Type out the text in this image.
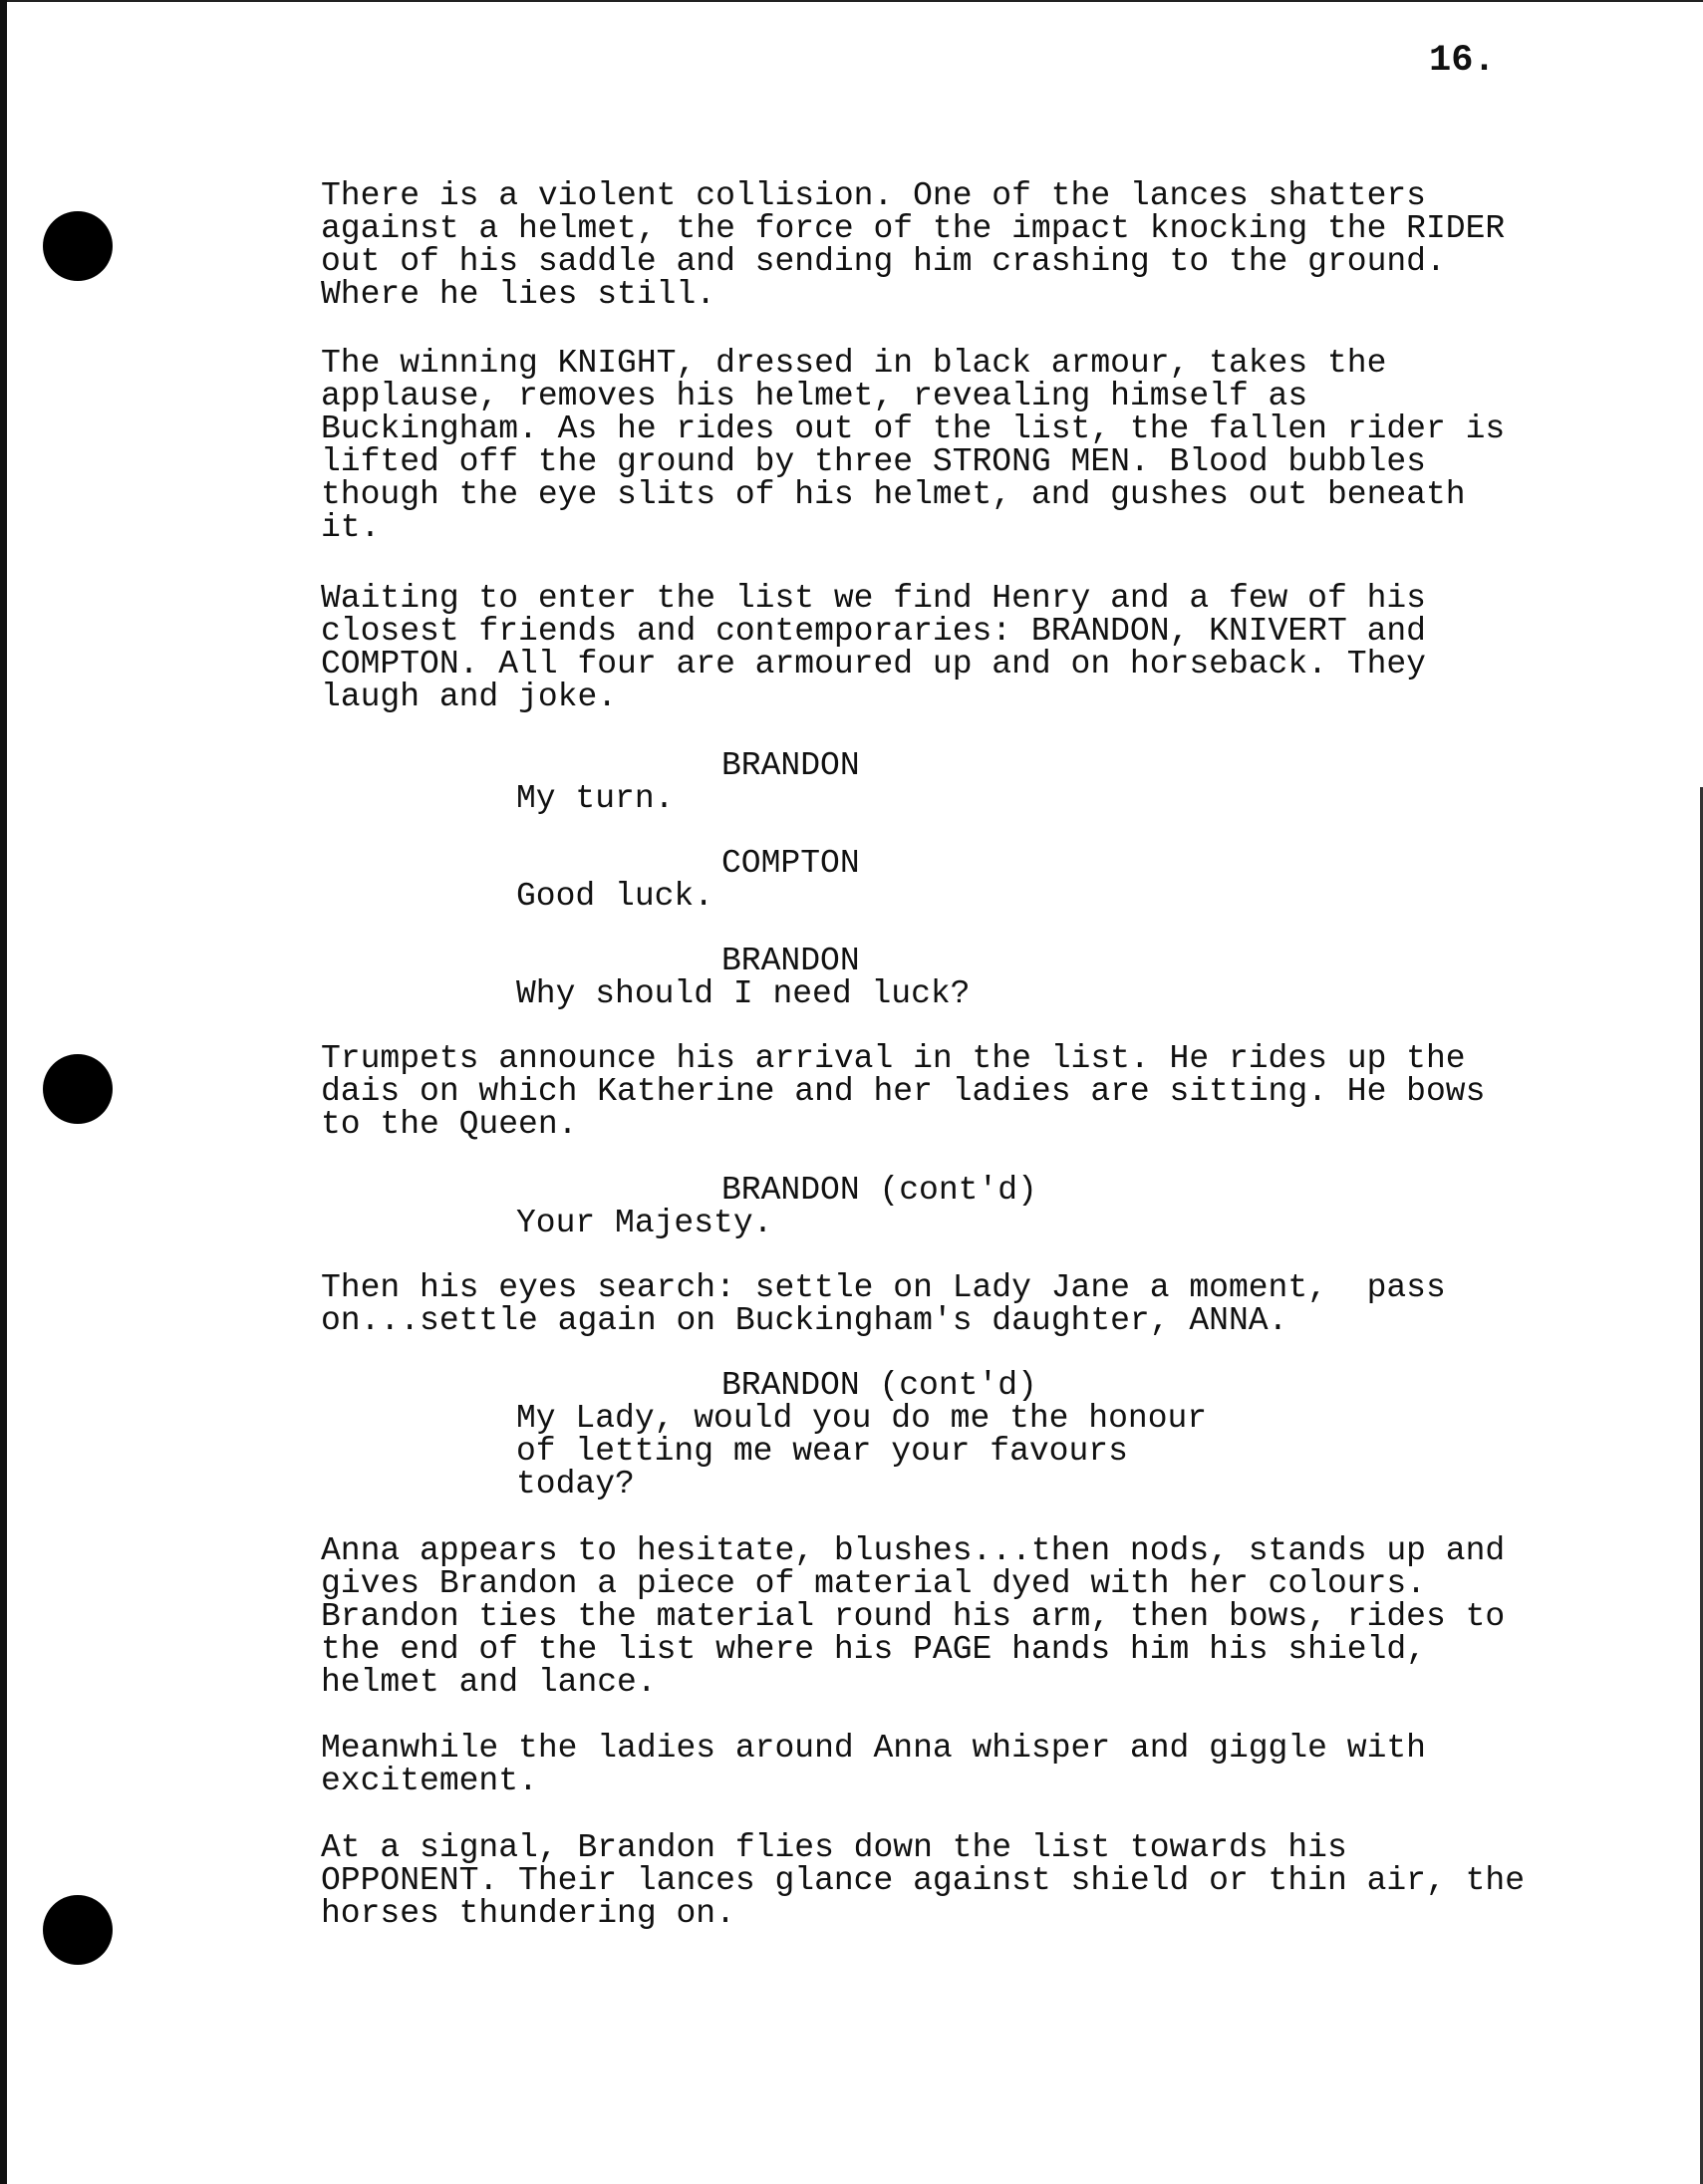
16.
There is a violent collision. One of the lances shatters
against a helmet, the force of the impact knocking the RIDER
out of his saddle and sending him crashing to the ground.
Where he lies still.
The winning KNIGHT, dressed in black armour, takes the
applause, removes his helmet, revealing himself as
Buckingham. As he rides out of the list, the fallen rider is
lifted off the ground by three STRONG MEN. Blood bubbles
though the eye slits of his helmet, and gushes out beneath
it.
Waiting to enter the list we find Henry and a few of his
closest friends and contemporaries: BRANDON, KNIVERT and
COMPTON. All four are armoured up and on horseback. They
laugh and joke.
BRANDON
My turn.
COMPTON
Good luck.
BRANDON
Why should I need luck?
Trumpets announce his arrival in the list. He rides up the
dais on which Katherine and her ladies are sitting. He bows
to the Queen.
BRANDON (cont'd)
Your Majesty.
Then his eyes search: settle on Lady Jane a moment,  pass
on...settle again on Buckingham's daughter, ANNA.
BRANDON (cont'd)
My Lady, would you do me the honour
of letting me wear your favours
today?
Anna appears to hesitate, blushes...then nods, stands up and
gives Brandon a piece of material dyed with her colours.
Brandon ties the material round his arm, then bows, rides to
the end of the list where his PAGE hands him his shield,
helmet and lance.
Meanwhile the ladies around Anna whisper and giggle with
excitement.
At a signal, Brandon flies down the list towards his
OPPONENT. Their lances glance against shield or thin air, the
horses thundering on.
